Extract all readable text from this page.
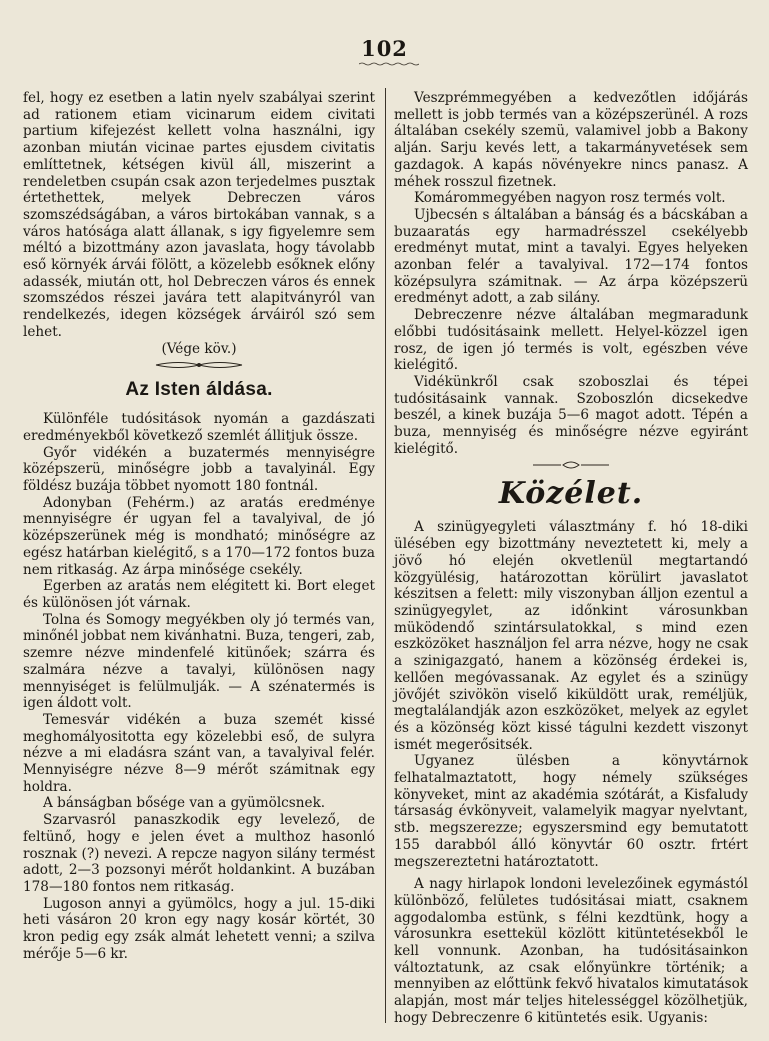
102

fel, hogy ez esetben a latin nyelv szabályai szerint ad rationem etiam vicinarum eidem civitati partium kifejezést kellett volna használni, igy azonban miután vicinae partes ejusdem civitatis említtetnek, kétségen kivül áll, miszerint a rendeletben csupán csak azon terjedelmes pusztak értethettek, melyek Debreczen város szomszédságában, a város birtokában vannak, s a város hatósága alatt állanak, s igy figyelemre sem méltó a bizottmány azon javaslata, hogy távolabb eső környék árvái fölött, a közelebb esőknek előny adassék, miután ott, hol Debreczen város és ennek szomszédos részei javára tett alapitványról van rendelkezés, idegen községek árváiról szó sem lehet.

(Vége köv.)

Az Isten áldása.

Különféle tudósitások nyomán a gazdászati eredményekből következő szemlét állitjuk össze.

Győr vidékén a buzatermés mennyiségre középszerü, minőségre jobb a tavalyinál. Egy földész buzája többet nyomott 180 fontnál.

Adonyban (Fehérm.) az aratás eredménye mennyiségre ér ugyan fel a tavalyival, de jó középszerünek még is mondható; minőségre az egész határban kielégitő, s a 170—172 fontos buza nem ritkaság. Az árpa minősége csekély.

Egerben az aratás nem elégitett ki. Bort eleget és különösen jót várnak.

Tolna és Somogy megyékben oly jó termés van, minőnél jobbat nem kivánhatni. Buza, tengeri, zab, szemre nézve mindenfelé kitünőek; szárra és szalmára nézve a tavalyi, különösen nagy mennyiséget is felülmulják. — A szénatermés is igen áldott volt.

Temesvár vidékén a buza szemét kissé meghomályositotta egy közelebbi eső, de sulyra nézve a mi eladásra szánt van, a tavalyival felér. Mennyiségre nézve 8—9 mérőt számitnak egy holdra.

A bánságban bősége van a gyümölcsnek.

Szarvasról panaszkodik egy levelező, de feltünő, hogy e jelen évet a multhoz hasonló rosznak (?) nevezi. A repcze nagyon silány termést adott, 2—3 pozsonyi mérőt holdankint. A buzában 178—180 fontos nem ritkaság.

Lugoson annyi a gyümölcs, hogy a jul. 15-diki heti vásáron 20 kron egy nagy kosár körtét, 30 kron pedig egy zsák almát lehetett venni; a szilva mérője 5—6 kr.

Veszprémmegyében a kedvezőtlen időjárás mellett is jobb termés van a középszerünél. A rozs általában csekély szemü, valamivel jobb a Bakony alján. Sarju kevés lett, a takarmányvetések sem gazdagok. A kapás növényekre nincs panasz. A méhek rosszul fizetnek.

Komárommegyében nagyon rosz termés volt.

Ujbecsén s általában a bánság és a bácskában a buzaaratás egy harmadrésszel csekélyebb eredményt mutat, mint a tavalyi. Egyes helyeken azonban felér a tavalyival. 172—174 fontos középsulyra számitnak. — Az árpa középszerü eredményt adott, a zab silány.

Debreczenre nézve általában megmaradunk előbbi tudósitásaink mellett. Helyel-közzel igen rosz, de igen jó termés is volt, egészben véve kielégitő.

Vidékünkről csak szoboszlai és tépei tudósitásaink vannak. Szoboszlón dicsekedve beszél, a kinek buzája 5—6 magot adott. Tépén a buza, mennyiség és minőségre nézve egyiránt kielégitő.

Közélet.

A szinügyegyleti választmány f. hó 18-diki ülésében egy bizottmány neveztetett ki, mely a jövő hó elején okvetlenül megtartandó közgyülésig, határozottan körülirt javaslatot készitsen a felett: mily viszonyban álljon ezentul a szinügyegylet, az időnkint városunkban müködendő szintársulatokkal, s mind ezen eszközöket használjon fel arra nézve, hogy ne csak a szinigazgató, hanem a közönség érdekei is, kellően megóvassanak. Az egylet és a szinügy jövőjét szivökön viselő kiküldött urak, reméljük, megtalálandják azon eszközöket, melyek az egylet és a közönség közt kissé tágulni kezdett viszonyt ismét megerősitsék.

Ugyanez ülésben a könyvtárnok felhatalmaztatott, hogy némely szükséges könyveket, mint az akadémia szótárát, a Kisfaludy társaság évkönyveit, valamelyik magyar nyelvtant, stb. megszerezze; egyszersmind egy bemutatott 155 darabból álló könyvtár 60 osztr. frtért megszereztetni határoztatott.

A nagy hirlapok londoni levelezőinek egymástól különböző, felületes tudósitásai miatt, csaknem aggodalomba estünk, s félni kezdtünk, hogy a városunkra esettekül közlött kitüntetésekből le kell vonnunk. Azonban, ha tudósitásainkon változtatunk, az csak előnyünkre történik; a mennyiben az előttünk fekvő hivatalos kimutatások alapján, most már teljes hitelességgel közölhetjük, hogy Debreczenre 6 kitüntetés esik. Ugyanis:
